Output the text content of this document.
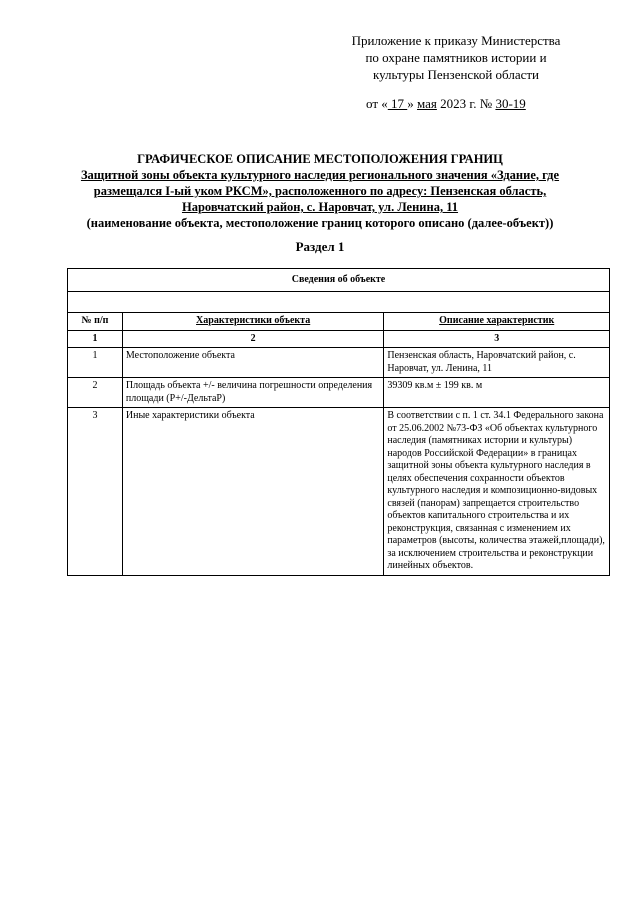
Приложение к приказу Министерства
по охране памятников истории и
культуры Пензенской области
от « 17 » мая 2023 г. № 30-19
ГРАФИЧЕСКОЕ ОПИСАНИЕ МЕСТОПОЛОЖЕНИЯ ГРАНИЦ
Защитной зоны объекта культурного наследия регионального значения «Здание, где
размещался I-ый уком РКСМ», расположенного по адресу: Пензенская область,
Наровчатский район, с. Наровчат, ул. Ленина, 11
(наименование объекта, местоположение границ которого описано (далее-объект))
Раздел 1
Сведения об объекте		

№ п/п	Характеристики объекта	Описание характеристик
1	2	3
1	Местоположение объекта	Пензенская область, Наровчатский район, с. Наровчат, ул. Ленина, 11
2	Площадь объекта +/- величина погрешности определения площади (Р+/-ДельтаР)	39309 кв.м ± 199 кв. м
3	Иные характеристики объекта	В соответствии с п. 1 ст. 34.1 Федерального закона от 25.06.2002 №73-ФЗ «Об объектах культурного наследия (памятниках истории и культуры) народов Российской Федерации» в границах защитной зоны объекта культурного наследия в целях обеспечения сохранности объектов культурного наследия и композиционно-видовых связей (панорам) запрещается строительство объектов капитального строительства и их реконструкция, связанная с изменением их параметров (высоты, количества этажей,площади), за исключением строительства и реконструкции линейных объектов.
